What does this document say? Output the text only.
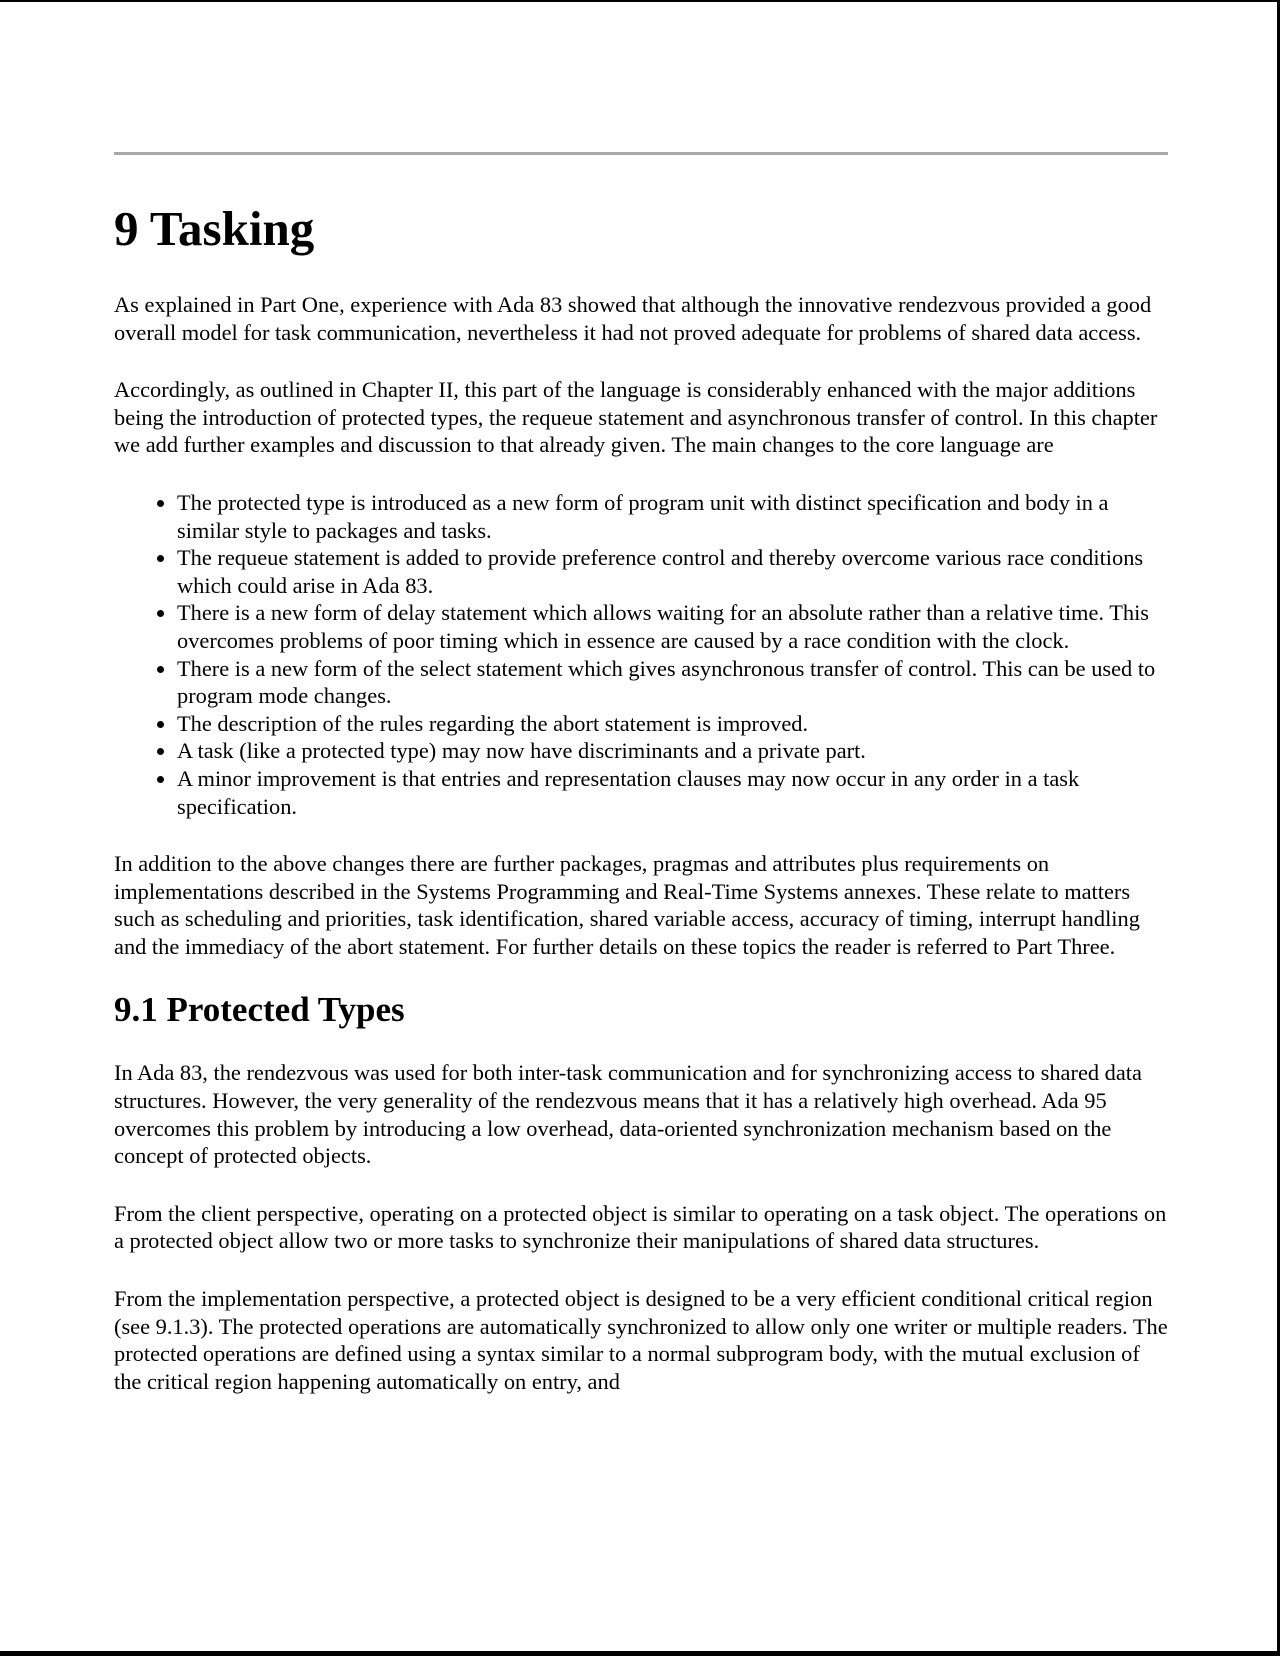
9 Tasking

As explained in Part One, experience with Ada 83 showed that although the innovative rendezvous provided a good overall model for task communication, nevertheless it had not proved adequate for problems of shared data access.

Accordingly, as outlined in Chapter II, this part of the language is considerably enhanced with the major additions being the introduction of protected types, the requeue statement and asynchronous transfer of control. In this chapter we add further examples and discussion to that already given. The main changes to the core language are

The protected type is introduced as a new form of program unit with distinct specification and body in a similar style to packages and tasks.
The requeue statement is added to provide preference control and thereby overcome various race conditions which could arise in Ada 83.
There is a new form of delay statement which allows waiting for an absolute rather than a relative time. This overcomes problems of poor timing which in essence are caused by a race condition with the clock.
There is a new form of the select statement which gives asynchronous transfer of control. This can be used to program mode changes.
The description of the rules regarding the abort statement is improved.
A task (like a protected type) may now have discriminants and a private part.
A minor improvement is that entries and representation clauses may now occur in any order in a task specification.

In addition to the above changes there are further packages, pragmas and attributes plus requirements on implementations described in the Systems Programming and Real-Time Systems annexes. These relate to matters such as scheduling and priorities, task identification, shared variable access, accuracy of timing, interrupt handling and the immediacy of the abort statement. For further details on these topics the reader is referred to Part Three.

9.1 Protected Types

In Ada 83, the rendezvous was used for both inter-task communication and for synchronizing access to shared data structures. However, the very generality of the rendezvous means that it has a relatively high overhead. Ada 95 overcomes this problem by introducing a low overhead, data-oriented synchronization mechanism based on the concept of protected objects.

From the client perspective, operating on a protected object is similar to operating on a task object. The operations on a protected object allow two or more tasks to synchronize their manipulations of shared data structures.

From the implementation perspective, a protected object is designed to be a very efficient conditional critical region (see 9.1.3). The protected operations are automatically synchronized to allow only one writer or multiple readers. The protected operations are defined using a syntax similar to a normal subprogram body, with the mutual exclusion of the critical region happening automatically on entry, and
